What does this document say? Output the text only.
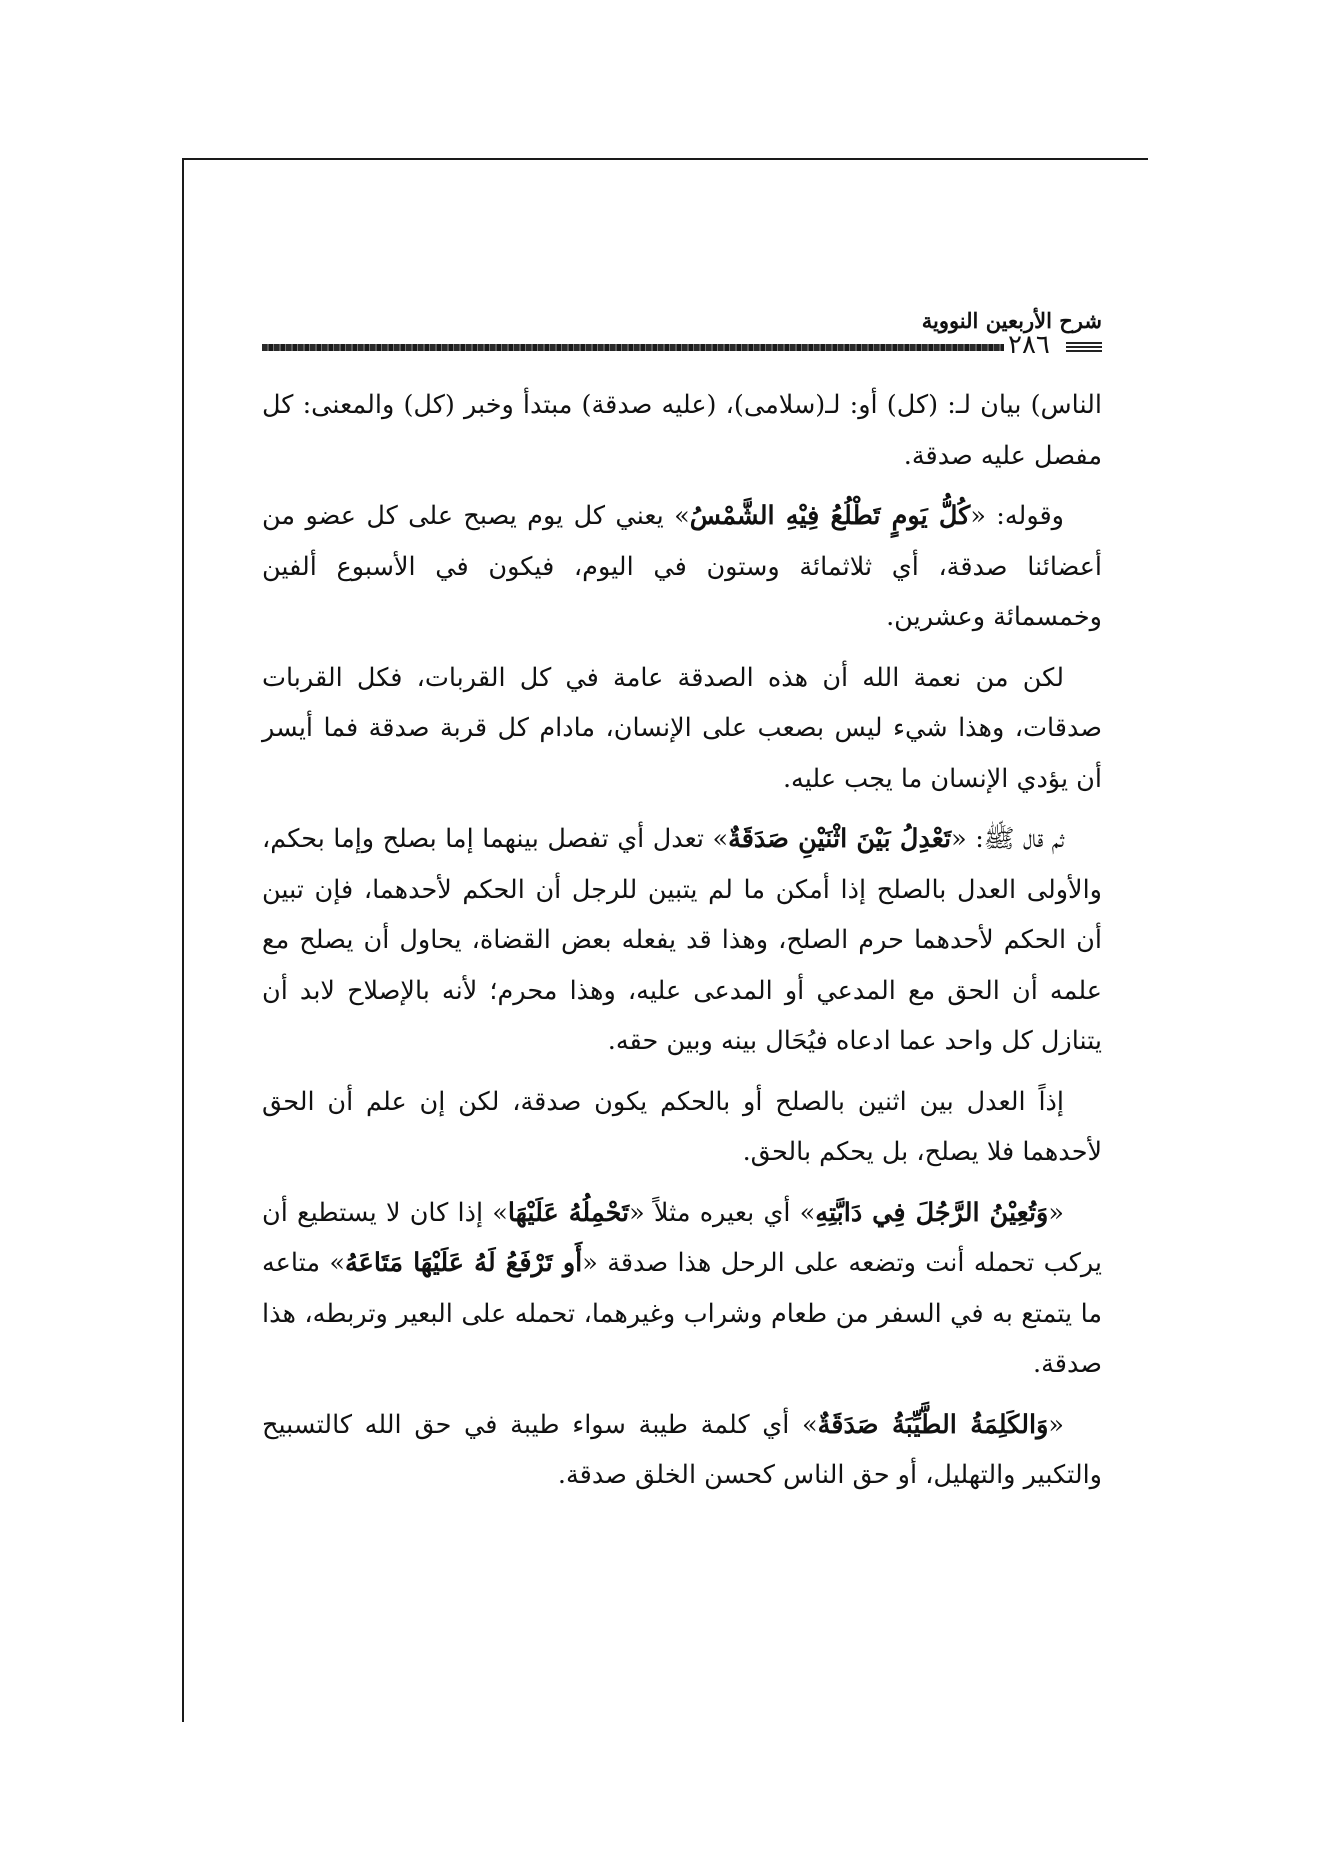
شرح الأربعين النووية
٢٨٦

الناس) بيان لـ: (كل) أو: لـ(سلامى)، (عليه صدقة) مبتدأ وخبر (كل) والمعنى: كل مفصل عليه صدقة.

وقوله: «كُلُّ يَومٍ تَطْلُعُ فِيْهِ الشَّمْسُ» يعني كل يوم يصبح على كل عضو من أعضائنا صدقة، أي ثلاثمائة وستون في اليوم، فيكون في الأسبوع ألفين وخمسمائة وعشرين.

لكن من نعمة الله أن هذه الصدقة عامة في كل القربات، فكل القربات صدقات، وهذا شيء ليس بصعب على الإنسان، مادام كل قربة صدقة فما أيسر أن يؤدي الإنسان ما يجب عليه.

ثم قال ﷺ: «تَعْدِلُ بَيْنَ اثْنَيْنِ صَدَقَةٌ» تعدل أي تفصل بينهما إما بصلح وإما بحكم، والأولى العدل بالصلح إذا أمكن ما لم يتبين للرجل أن الحكم لأحدهما، فإن تبين أن الحكم لأحدهما حرم الصلح، وهذا قد يفعله بعض القضاة، يحاول أن يصلح مع علمه أن الحق مع المدعي أو المدعى عليه، وهذا محرم؛ لأنه بالإصلاح لابد أن يتنازل كل واحد عما ادعاه فيُحَال بينه وبين حقه.

إذاً العدل بين اثنين بالصلح أو بالحكم يكون صدقة، لكن إن علم أن الحق لأحدهما فلا يصلح، بل يحكم بالحق.

«وَتُعِيْنُ الرَّجُلَ فِي دَابَّتِهِ» أي بعيره مثلاً «تَحْمِلُهُ عَلَيْهَا» إذا كان لا يستطيع أن يركب تحمله أنت وتضعه على الرحل هذا صدقة «أَو تَرْفَعُ لَهُ عَلَيْهَا مَتَاعَهُ» متاعه ما يتمتع به في السفر من طعام وشراب وغيرهما، تحمله على البعير وتربطه، هذا صدقة.

«وَالكَلِمَةُ الطَّيِّبَةُ صَدَقَةٌ» أي كلمة طيبة سواء طيبة في حق الله كالتسبيح والتكبير والتهليل، أو حق الناس كحسن الخلق صدقة.
